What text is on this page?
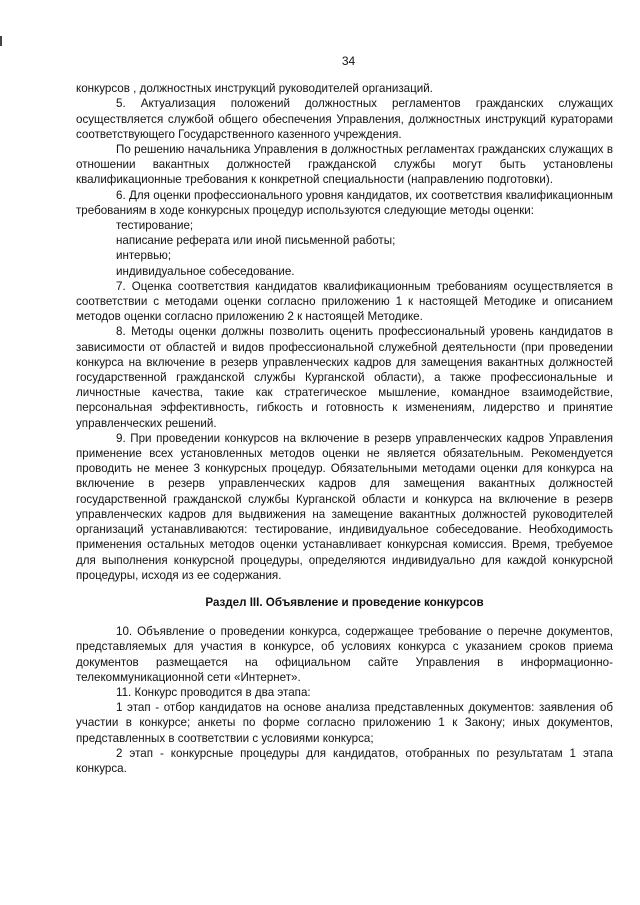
34

конкурсов , должностных инструкций руководителей организаций.

5. Актуализация положений должностных регламентов гражданских служащих осуществляется службой общего обеспечения Управления, должностных инструкций кураторами соответствующего Государственного казенного учреждения.

По решению начальника Управления в должностных регламентах гражданских служащих в отношении вакантных должностей гражданской службы могут быть установлены квалификационные требования к конкретной специальности (направлению подготовки).

6. Для оценки профессионального уровня кандидатов, их соответствия квалификационным требованиям в ходе конкурсных процедур используются следующие методы оценки:

тестирование;

написание реферата или иной письменной работы;

интервью;

индивидуальное собеседование.

7. Оценка соответствия кандидатов квалификационным требованиям осуществляется в соответствии с методами оценки согласно приложению 1 к настоящей Методике и описанием методов оценки согласно приложению 2 к настоящей Методике.

8. Методы оценки должны позволить оценить профессиональный уровень кандидатов в зависимости от областей и видов профессиональной служебной деятельности (при проведении конкурса на включение в резерв управленческих кадров для замещения вакантных должностей государственной гражданской службы Курганской области), а также профессиональные и личностные качества, такие как стратегическое мышление, командное взаимодействие, персональная эффективность, гибкость и готовность к изменениям, лидерство и принятие управленческих решений.

9. При проведении конкурсов на включение в резерв управленческих кадров Управления применение всех установленных методов оценки не является обязательным. Рекомендуется проводить не менее 3 конкурсных процедур. Обязательными методами оценки для конкурса на включение в резерв управленческих кадров для замещения вакантных должностей государственной гражданской службы Курганской области и конкурса на включение в резерв управленческих кадров для выдвижения на замещение вакантных должностей руководителей организаций устанавливаются: тестирование, индивидуальное собеседование. Необходимость применения остальных методов оценки устанавливает конкурсная комиссия. Время, требуемое для выполнения конкурсной процедуры, определяются индивидуально для каждой конкурсной процедуры, исходя из ее содержания.

Раздел III. Объявление и проведение конкурсов

10. Объявление о проведении конкурса, содержащее требование о перечне документов, представляемых для участия в конкурсе, об условиях конкурса с указанием сроков приема документов размещается на официальном сайте Управления в информационно-телекоммуникационной сети «Интернет».

11. Конкурс проводится в два этапа:

1 этап - отбор кандидатов на основе анализа представленных документов: заявления об участии в конкурсе; анкеты по форме согласно приложению 1 к Закону; иных документов, представленных в соответствии с условиями конкурса;

2 этап - конкурсные процедуры для кандидатов, отобранных по результатам 1 этапа конкурса.
